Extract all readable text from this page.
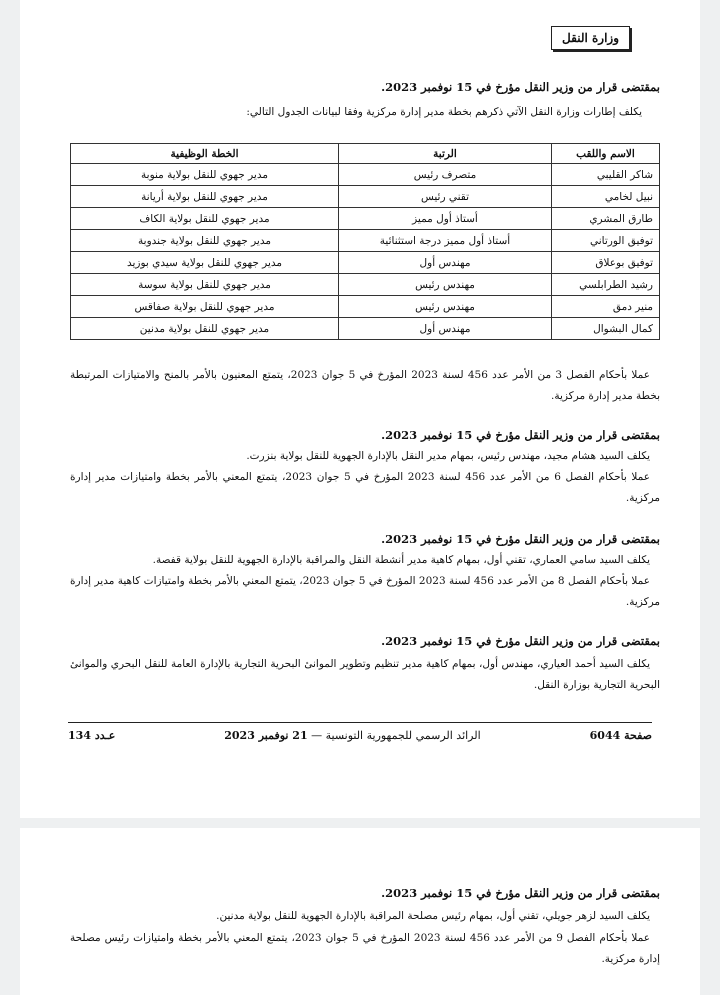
وزارة النقل
بمقتضى قرار من وزير النقل مؤرخ في 15 نوفمبر 2023.
يكلف إطارات وزارة النقل الآتي ذكرهم بخطة مدير إدارة مركزية وفقا لبيانات الجدول التالي:
الاسم واللقب	الرتبة	الخطة الوظيفية
شاكر القليبي	متصرف رئيس	مدير جهوي للنقل بولاية منوبة
نبيل لخامي	تقني رئيس	مدير جهوي للنقل بولاية أريانة
طارق المشري	أستاذ أول مميز	مدير جهوي للنقل بولاية الكاف
توفيق الورتاني	أستاذ أول مميز درجة استثنائية	مدير جهوي للنقل بولاية جندوبة
توفيق بوعلاق	مهندس أول	مدير جهوي للنقل بولاية سيدي بوزيد
رشيد الطرابلسي	مهندس رئيس	مدير جهوي للنقل بولاية سوسة
منير دمق	مهندس رئيس	مدير جهوي للنقل بولاية صفاقس
كمال البشوال	مهندس أول	مدير جهوي للنقل بولاية مدنين
عملا بأحكام الفصل 3 من الأمر عدد 456 لسنة 2023 المؤرخ في 5 جوان 2023، يتمتع المعنيون بالأمر بالمنح والامتيازات المرتبطة بخطة مدير إدارة مركزية.
بمقتضى قرار من وزير النقل مؤرخ في 15 نوفمبر 2023.
يكلف السيد هشام مجيد، مهندس رئيس، بمهام مدير النقل بالإدارة الجهوية للنقل بولاية بنزرت.
عملا بأحكام الفصل 6 من الأمر عدد 456 لسنة 2023 المؤرخ في 5 جوان 2023، يتمتع المعني بالأمر بخطة وامتيازات مدير إدارة مركزية.
بمقتضى قرار من وزير النقل مؤرخ في 15 نوفمبر 2023.
يكلف السيد سامي العماري، تقني أول، بمهام كاهية مدير أنشطة النقل والمراقبة بالإدارة الجهوية للنقل بولاية قفصة.
عملا بأحكام الفصل 8 من الأمر عدد 456 لسنة 2023 المؤرخ في 5 جوان 2023، يتمتع المعني بالأمر بخطة وامتيازات كاهية مدير إدارة مركزية.
بمقتضى قرار من وزير النقل مؤرخ في 15 نوفمبر 2023.
يكلف السيد أحمد العياري، مهندس أول، بمهام كاهية مدير تنظيم وتطوير الموانئ البحرية التجارية بالإدارة العامة للنقل البحري والموانئ البحرية التجارية بوزارة النقل.
صفحة 6044
الرائد الرسمي للجمهورية التونسية — 21 نوفمبر 2023
عـدد 134
بمقتضى قرار من وزير النقل مؤرخ في 15 نوفمبر 2023.
يكلف السيد لزهر جويلي، تقني أول، بمهام رئيس مصلحة المراقبة بالإدارة الجهوية للنقل بولاية مدنين.
عملا بأحكام الفصل 9 من الأمر عدد 456 لسنة 2023 المؤرخ في 5 جوان 2023، يتمتع المعني بالأمر بخطة وامتيازات رئيس مصلحة إدارة مركزية.
